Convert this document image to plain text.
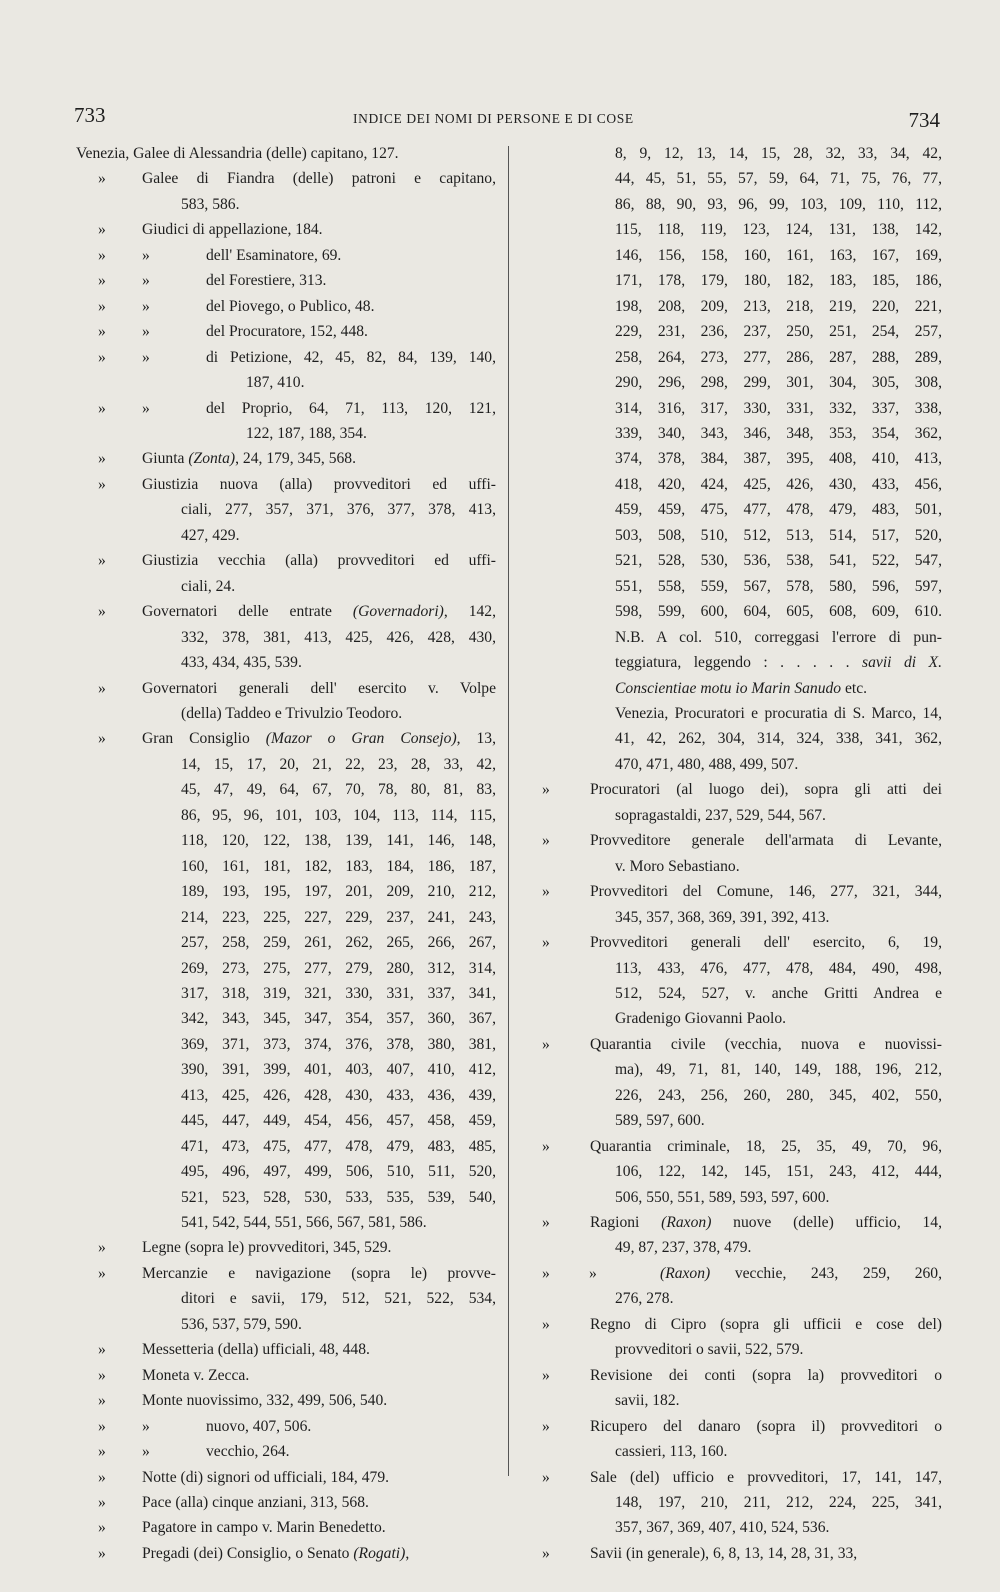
733	INDICE DEI NOMI DI PERSONE E DI COSE	734
Venezia, Galee di Alessandria (delle) capitano, 127.
»	Galee di Fiandra (delle) patroni e capitano,
583, 586.
»	Giudici di appellazione, 184.
» »	dell' Esaminatore, 69.
» »	del Forestiere, 313.
» »	del Piovego, o Publico, 48.
» »	del Procuratore, 152, 448.
» »	di Petizione, 42, 45, 82, 84, 139, 140,
187, 410.
» »	del Proprio, 64, 71, 113, 120, 121,
122, 187, 188, 354.
»	Giunta (Zonta), 24, 179, 345, 568.
»	Giustizia nuova (alla) provveditori ed uffi-
ciali, 277, 357, 371, 376, 377, 378, 413,
427, 429.
»	Giustizia vecchia (alla) provveditori ed uffi-
ciali, 24.
»	Governatori delle entrate (Governadori), 142,
332, 378, 381, 413, 425, 426, 428, 430,
433, 434, 435, 539.
»	Governatori generali dell' esercito v. Volpe
(della) Taddeo e Trivulzio Teodoro.
»	Gran Consiglio (Mazor o Gran Consejo), 13,
14, 15, 17, 20, 21, 22, 23, 28, 33, 42,
45, 47, 49, 64, 67, 70, 78, 80, 81, 83,
86, 95, 96, 101, 103, 104, 113, 114, 115,
118, 120, 122, 138, 139, 141, 146, 148,
160, 161, 181, 182, 183, 184, 186, 187,
189, 193, 195, 197, 201, 209, 210, 212,
214, 223, 225, 227, 229, 237, 241, 243,
257, 258, 259, 261, 262, 265, 266, 267,
269, 273, 275, 277, 279, 280, 312, 314,
317, 318, 319, 321, 330, 331, 337, 341,
342, 343, 345, 347, 354, 357, 360, 367,
369, 371, 373, 374, 376, 378, 380, 381,
390, 391, 399, 401, 403, 407, 410, 412,
413, 425, 426, 428, 430, 433, 436, 439,
445, 447, 449, 454, 456, 457, 458, 459,
471, 473, 475, 477, 478, 479, 483, 485,
495, 496, 497, 499, 506, 510, 511, 520,
521, 523, 528, 530, 533, 535, 539, 540,
541, 542, 544, 551, 566, 567, 581, 586.
»	Legne (sopra le) provveditori, 345, 529.
»	Mercanzie e navigazione (sopra le) provve-
ditori e savii, 179, 512, 521, 522, 534,
536, 537, 579, 590.
»	Messetteria (della) ufficiali, 48, 448.
»	Moneta v. Zecca.
»	Monte nuovissimo, 332, 499, 506, 540.
» »	nuovo, 407, 506.
» »	vecchio, 264.
»	Notte (di) signori od ufficiali, 184, 479.
»	Pace (alla) cinque anziani, 313, 568.
»	Pagatore in campo v. Marin Benedetto.
»	Pregadi (dei) Consiglio, o Senato (Rogati),
8, 9, 12, 13, 14, 15, 28, 32, 33, 34, 42,
44, 45, 51, 55, 57, 59, 64, 71, 75, 76, 77,
86, 88, 90, 93, 96, 99, 103, 109, 110, 112,
115, 118, 119, 123, 124, 131, 138, 142,
146, 156, 158, 160, 161, 163, 167, 169,
171, 178, 179, 180, 182, 183, 185, 186,
198, 208, 209, 213, 218, 219, 220, 221,
229, 231, 236, 237, 250, 251, 254, 257,
258, 264, 273, 277, 286, 287, 288, 289,
290, 296, 298, 299, 301, 304, 305, 308,
314, 316, 317, 330, 331, 332, 337, 338,
339, 340, 343, 346, 348, 353, 354, 362,
374, 378, 384, 387, 395, 408, 410, 413,
418, 420, 424, 425, 426, 430, 433, 456,
459, 459, 475, 477, 478, 479, 483, 501,
503, 508, 510, 512, 513, 514, 517, 520,
521, 528, 530, 536, 538, 541, 522, 547,
551, 558, 559, 567, 578, 580, 596, 597,
598, 599, 600, 604, 605, 608, 609, 610.
N.B. A col. 510, correggasi l'errore di pun-
teggiatura, leggendo : . . . . . savii di X.
Conscientiae motu io Marin Sanudo etc.
Venezia, Procuratori e procuratia di S. Marco, 14,
41, 42, 262, 304, 314, 324, 338, 341, 362,
470, 471, 480, 488, 499, 507.
»	Procuratori (al luogo dei), sopra gli atti dei
sopragastaldi, 237, 529, 544, 567.
»	Provveditore generale dell'armata di Levante,
v. Moro Sebastiano.
»	Provveditori del Comune, 146, 277, 321, 344,
345, 357, 368, 369, 391, 392, 413.
»	Provveditori generali dell' esercito, 6, 19,
113, 433, 476, 477, 478, 484, 490, 498,
512, 524, 527, v. anche Gritti Andrea e
Gradenigo Giovanni Paolo.
»	Quarantia civile (vecchia, nuova e nuovissi-
ma), 49, 71, 81, 140, 149, 188, 196, 212,
226, 243, 256, 260, 280, 345, 402, 550,
589, 597, 600.
»	Quarantia criminale, 18, 25, 35, 49, 70, 96,
106, 122, 142, 145, 151, 243, 412, 444,
506, 550, 551, 589, 593, 597, 600.
»	Ragioni (Raxon) nuove (delle) ufficio, 14,
49, 87, 237, 378, 479.
»	»	(Raxon) vecchie, 243, 259, 260,
276, 278.
»	Regno di Cipro (sopra gli ufficii e cose del)
provveditori o savii, 522, 579.
»	Revisione dei conti (sopra la) provveditori o
savii, 182.
»	Ricupero del danaro (sopra il) provveditori o
cassieri, 113, 160.
»	Sale (del) ufficio e provveditori, 17, 141, 147,
148, 197, 210, 211, 212, 224, 225, 341,
357, 367, 369, 407, 410, 524, 536.
»	Savii (in generale), 6, 8, 13, 14, 28, 31, 33,
